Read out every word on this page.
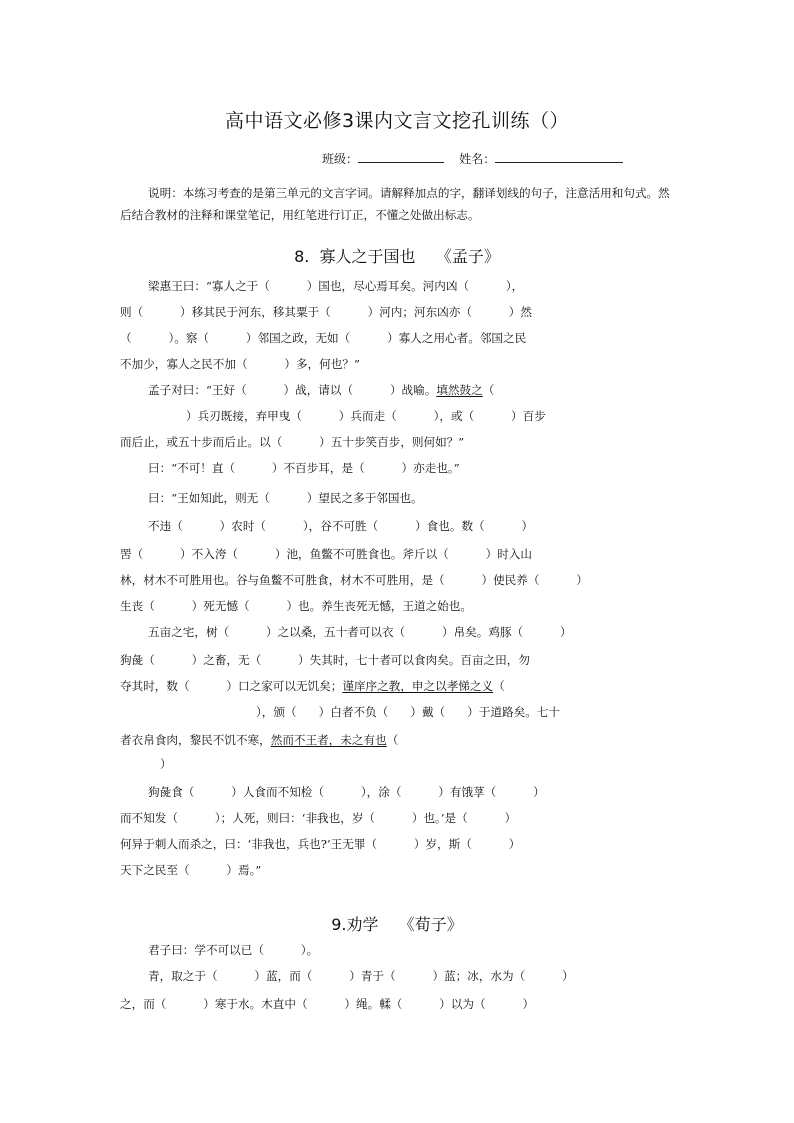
高中语文必修3课内文言文挖孔训练（）
班级：	姓名：
说明：本练习考查的是第三单元的文言字词。请解释加点的字，翻译划线的句子，注意活用和句式。然后结合教材的注释和课堂笔记，用红笔进行订正，不懂之处做出标志。
8.  寡人之于国也    《孟子》
梁惠王曰：“寡人之于（          ）国也，尽心焉耳矣。河内凶（          ），
则（          ）移其民于河东，移其粟于（          ）河内；河东凶亦（          ）然
（          ）。察（          ）邻国之政，无如（          ）寡人之用心者。邻国之民
不加少，寡人之民不加（          ）多，何也？”
孟子对曰：“王好（          ）战，请以（          ）战喻。填然鼓之（
）兵刃既接，弃甲曳（          ）兵而走（          ），或（          ）百步
而后止，或五十步而后止。以（          ）五十步笑百步，则何如？”
曰：“不可！直（          ）不百步耳，是（          ）亦走也。”
曰：“王如知此，则无（          ）望民之多于邻国也。
不违（          ）农时（          ），谷不可胜（          ）食也。数（          ）
罟（          ）不入洿（          ）池，鱼鳖不可胜食也。斧斤以（          ）时入山
林，材木不可胜用也。谷与鱼鳖不可胜食，材木不可胜用，是（          ）使民养（          ）
生丧（          ）死无憾（          ）也。养生丧死无憾，王道之始也。
五亩之宅，树（          ）之以桑，五十者可以衣（          ）帛矣。鸡豚（          ）
狗彘（          ）之畜，无（          ）失其时，七十者可以食肉矣。百亩之田，勿
夺其时，数（          ）口之家可以无饥矣；谨庠序之教，申之以孝悌之义（
），颁（      ）白者不负（      ）戴（      ）于道路矣。七十
者衣帛食肉，黎民不饥不寒，然而不王者，未之有也（
）
狗彘食（          ）人食而不知检（          ），涂（          ）有饿莩（          ）
而不知发（          ）；人死，则曰：‘非我也，岁（          ）也。’是（          ）
何异于刺人而杀之，曰：‘非我也，兵也?’王无罪（          ）岁，斯（          ）
天下之民至（          ）焉。”
9.劝学    《荀子》
君子曰：学不可以已（          ）。
青，取之于（          ）蓝，而（          ）青于（          ）蓝；冰，水为（          ）
之，而（          ）寒于水。木直中（          ）绳。輮（          ）以为（          ）
